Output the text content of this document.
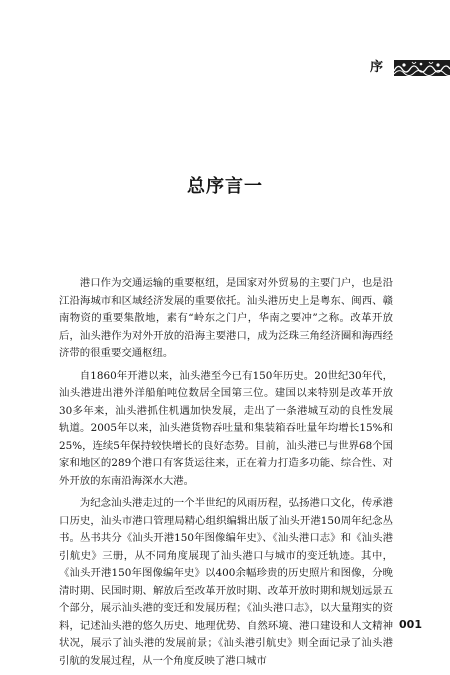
序
总序言一

港口作为交通运输的重要枢纽，是国家对外贸易的主要门户，也是沿江沿海城市和区域经济发展的重要依托。汕头港历史上是粤东、闽西、赣南物资的重要集散地，素有“岭东之门户，华南之要冲”之称。改革开放后，汕头港作为对外开放的沿海主要港口，成为泛珠三角经济圈和海西经济带的很重要交通枢纽。

自1860年开港以来，汕头港至今已有150年历史。20世纪30年代，汕头港进出港外洋船舶吨位数居全国第三位。建国以来特别是改革开放30多年来，汕头港抓住机遇加快发展，走出了一条港城互动的良性发展轨道。2005年以来，汕头港货物吞吐量和集装箱吞吐量年均增长15%和25%，连续5年保持较快增长的良好态势。目前，汕头港已与世界68个国家和地区的289个港口有客货运往来，正在着力打造多功能、综合性、对外开放的东南沿海深水大港。

为纪念汕头港走过的一个半世纪的风雨历程，弘扬港口文化，传承港口历史，汕头市港口管理局精心组织编辑出版了汕头开港150周年纪念丛书。丛书共分《汕头开港150年图像编年史》、《汕头港口志》和《汕头港引航史》三册，从不同角度展现了汕头港口与城市的变迁轨迹。其中，《汕头开港150年图像编年史》以400余幅珍贵的历史照片和图像，分晚清时期、民国时期、解放后至改革开放时期、改革开放时期和规划远景五个部分，展示汕头港的变迁和发展历程；《汕头港口志》，以大量翔实的资料，记述汕头港的悠久历史、地理优势、自然环境、港口建设和人文精神状况，展示了汕头港的发展前景；《汕头港引航史》则全面记录了汕头港引航的发展过程，从一个角度反映了港口城市

001
